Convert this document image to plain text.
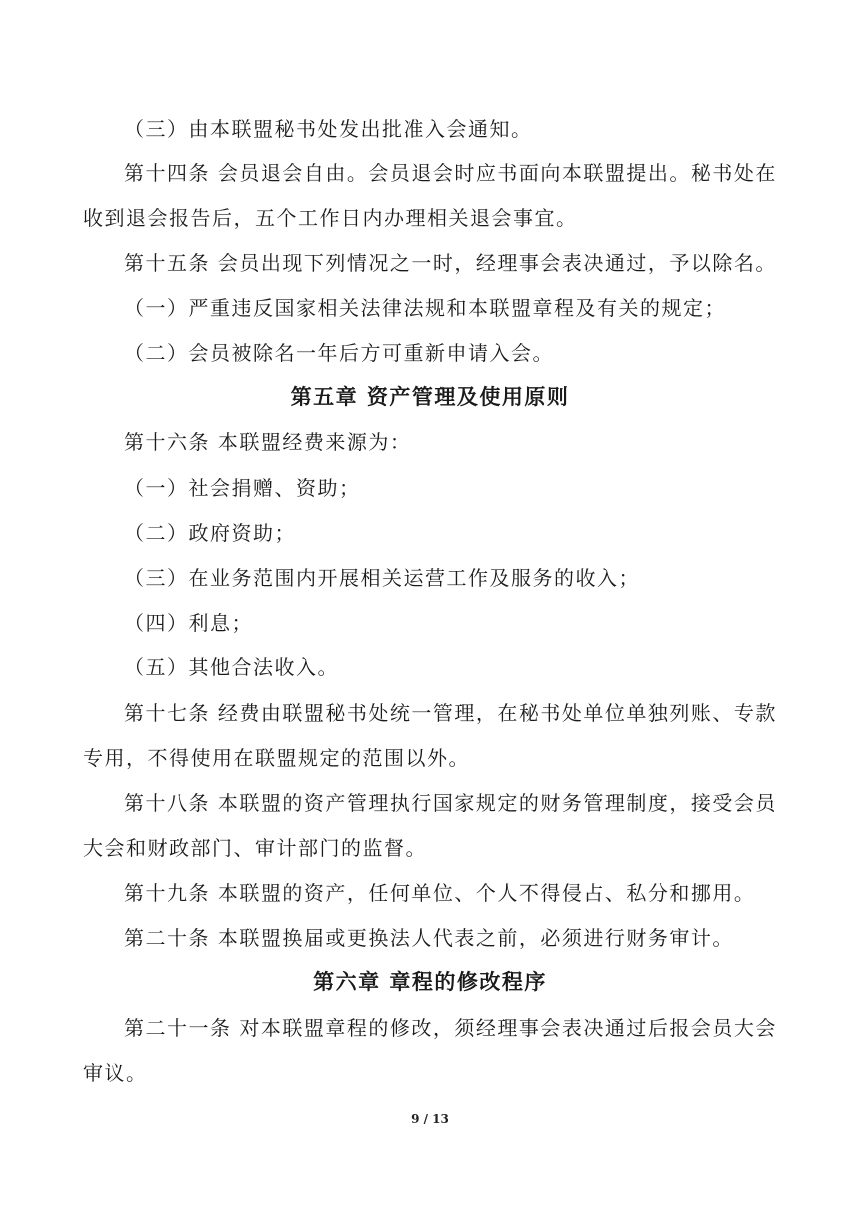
（三）由本联盟秘书处发出批准入会通知。
第十四条 会员退会自由。会员退会时应书面向本联盟提出。秘书处在
收到退会报告后，五个工作日内办理相关退会事宜。
第十五条 会员出现下列情况之一时，经理事会表决通过，予以除名。
（一）严重违反国家相关法律法规和本联盟章程及有关的规定；
（二）会员被除名一年后方可重新申请入会。
第五章 资产管理及使用原则
第十六条 本联盟经费来源为：
（一）社会捐赠、资助；
（二）政府资助；
（三）在业务范围内开展相关运营工作及服务的收入；
（四）利息；
（五）其他合法收入。
第十七条 经费由联盟秘书处统一管理，在秘书处单位单独列账、专款
专用，不得使用在联盟规定的范围以外。
第十八条 本联盟的资产管理执行国家规定的财务管理制度，接受会员
大会和财政部门、审计部门的监督。
第十九条 本联盟的资产，任何单位、个人不得侵占、私分和挪用。
第二十条 本联盟换届或更换法人代表之前，必须进行财务审计。
第六章 章程的修改程序
第二十一条 对本联盟章程的修改，须经理事会表决通过后报会员大会
审议。
9 / 13
